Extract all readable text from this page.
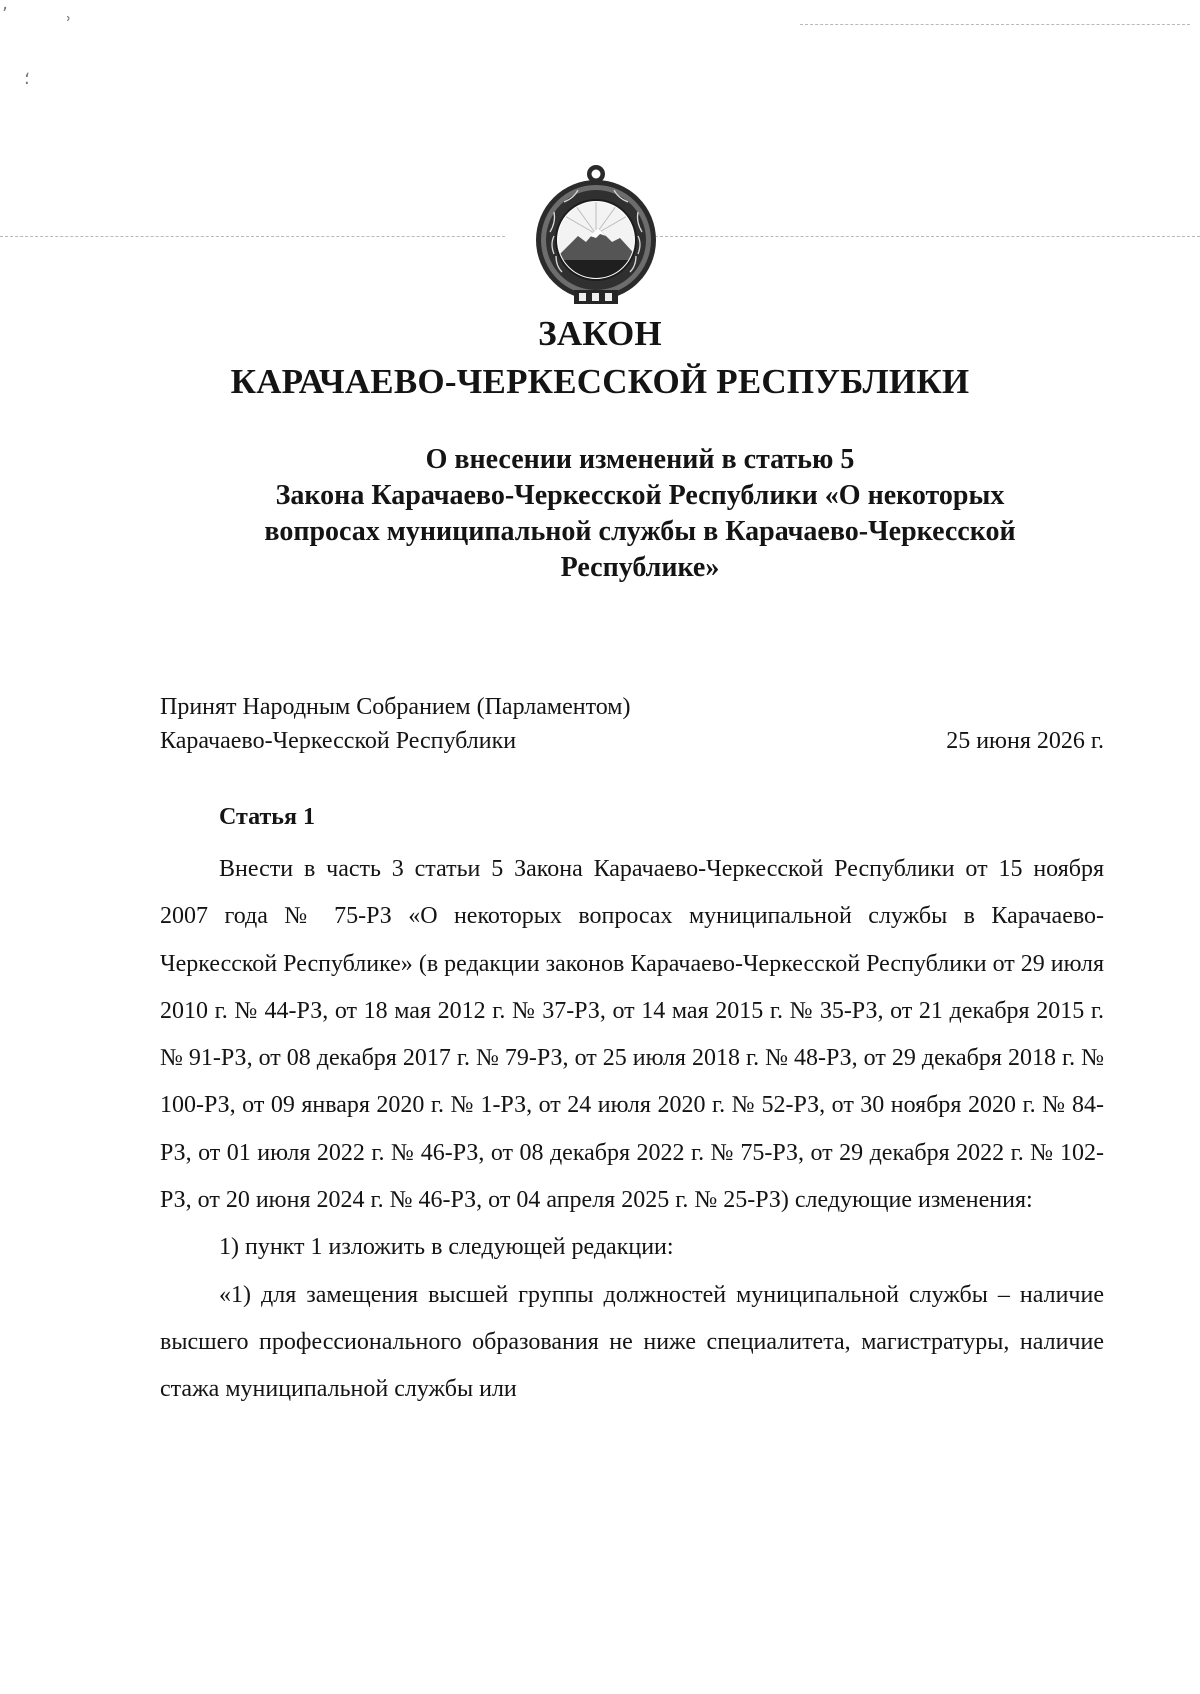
ʼ	ʾ
؛
ЗАКОН
КАРАЧАЕВО-ЧЕРКЕССКОЙ РЕСПУБЛИКИ
О внесении изменений в статью 5
Закона Карачаево-Черкесской Республики «О некоторых
вопросах муниципальной службы в Карачаево-Черкесской
Республике»
Принят Народным Собранием (Парламентом)
Карачаево-Черкесской Республики	25 июня 2026 г.
Статья 1

Внести в часть 3 статьи 5 Закона Карачаево-Черкесской Республики от 15 ноября 2007 года № 75-РЗ «О некоторых вопросах муниципальной службы в Карачаево-Черкесской Республике» (в редакции законов Карачаево-Черкесской Республики от 29 июля 2010 г. № 44-РЗ, от 18 мая 2012 г. № 37-РЗ, от 14 мая 2015 г. № 35-РЗ, от 21 декабря 2015 г. № 91-РЗ, от 08 декабря 2017 г. № 79-РЗ, от 25 июля 2018 г. № 48-РЗ, от 29 декабря 2018 г. № 100-РЗ, от 09 января 2020 г. № 1-РЗ, от 24 июля 2020 г. № 52-РЗ, от 30 ноября 2020 г. № 84-РЗ, от 01 июля 2022 г. № 46-РЗ, от 08 декабря 2022 г. № 75-РЗ, от 29 декабря 2022 г. № 102-РЗ, от 20 июня 2024 г. № 46-РЗ, от 04 апреля 2025 г. № 25-РЗ) следующие изменения:

1) пункт 1 изложить в следующей редакции:

«1) для замещения высшей группы должностей муниципальной службы – наличие высшего профессионального образования не ниже специалитета, магистратуры, наличие стажа муниципальной службы или
